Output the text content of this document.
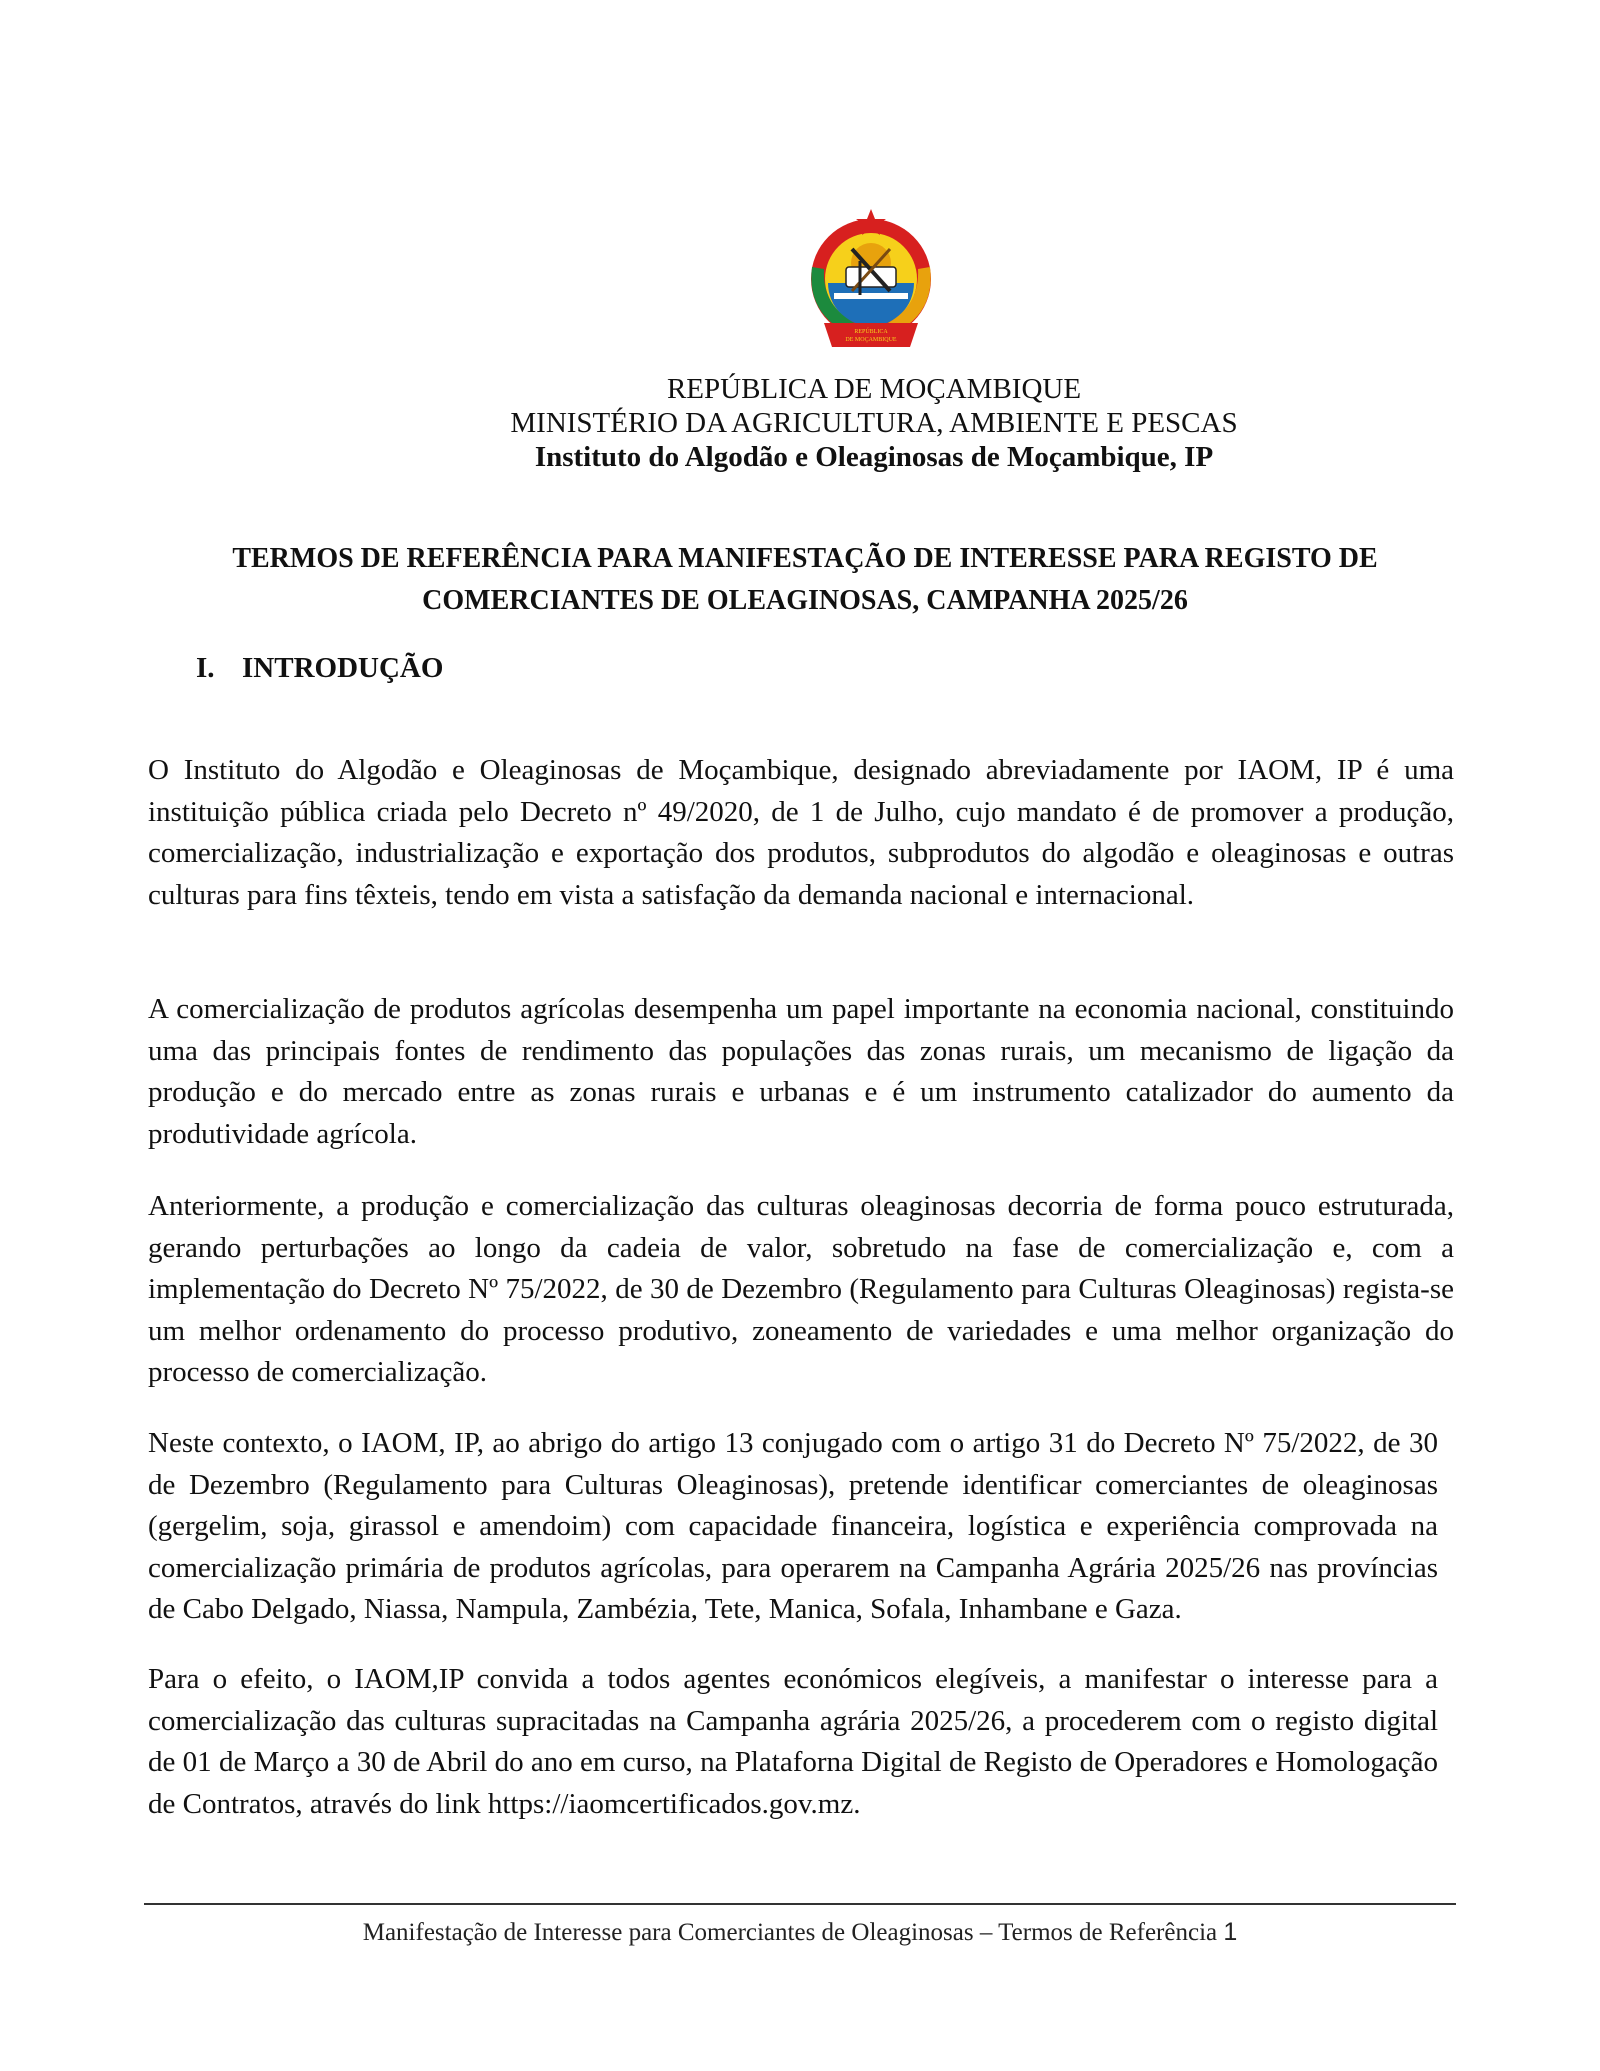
REPÚBLICA
DE MOÇAMBIQUE
REPÚBLICA DE MOÇAMBIQUE
MINISTÉRIO DA AGRICULTURA, AMBIENTE E PESCAS
Instituto do Algodão e Oleaginosas de Moçambique, IP
TERMOS DE REFERÊNCIA PARA MANIFESTAÇÃO DE INTERESSE PARA REGISTO DE
COMERCIANTES DE OLEAGINOSAS, CAMPANHA 2025/26
I. INTRODUÇÃO

O Instituto do Algodão e Oleaginosas de Moçambique, designado abreviadamente por IAOM, IP é uma instituição pública criada pelo Decreto nº 49/2020, de 1 de Julho, cujo mandato é de promover a produção, comercialização, industrialização e exportação dos produtos, subprodutos do algodão e oleaginosas e outras culturas para fins têxteis, tendo em vista a satisfação da demanda nacional e internacional.

A comercialização de produtos agrícolas desempenha um papel importante na economia nacional, constituindo uma das principais fontes de rendimento das populações das zonas rurais, um mecanismo de ligação da produção e do mercado entre as zonas rurais e urbanas e é um instrumento catalizador do aumento da produtividade agrícola.

Anteriormente, a produção e comercialização das culturas oleaginosas decorria de forma pouco estruturada, gerando perturbações ao longo da cadeia de valor, sobretudo na fase de comercialização e, com a implementação do Decreto Nº 75/2022, de 30 de Dezembro (Regulamento para Culturas Oleaginosas) regista-se um melhor ordenamento do processo produtivo, zoneamento de variedades e uma melhor organização do processo de comercialização.

Neste contexto, o IAOM, IP, ao abrigo do artigo 13 conjugado com o artigo 31 do Decreto Nº 75/2022, de 30 de Dezembro (Regulamento para Culturas Oleaginosas), pretende identificar comerciantes de oleaginosas (gergelim, soja, girassol e amendoim) com capacidade financeira, logística e experiência comprovada na comercialização primária de produtos agrícolas, para operarem na Campanha Agrária 2025/26 nas províncias de Cabo Delgado, Niassa, Nampula, Zambézia, Tete, Manica, Sofala, Inhambane e Gaza.

Para o efeito, o IAOM,IP convida a todos agentes económicos elegíveis, a manifestar o interesse para a comercialização das culturas supracitadas na Campanha agrária 2025/26, a procederem com o registo digital de 01 de Março a 30 de Abril do ano em curso, na Plataforna Digital de Registo de Operadores e Homologação de Contratos, através do link https://iaomcertificados.gov.mz.

Manifestação de Interesse para Comerciantes de Oleaginosas – Termos de Referência 1
